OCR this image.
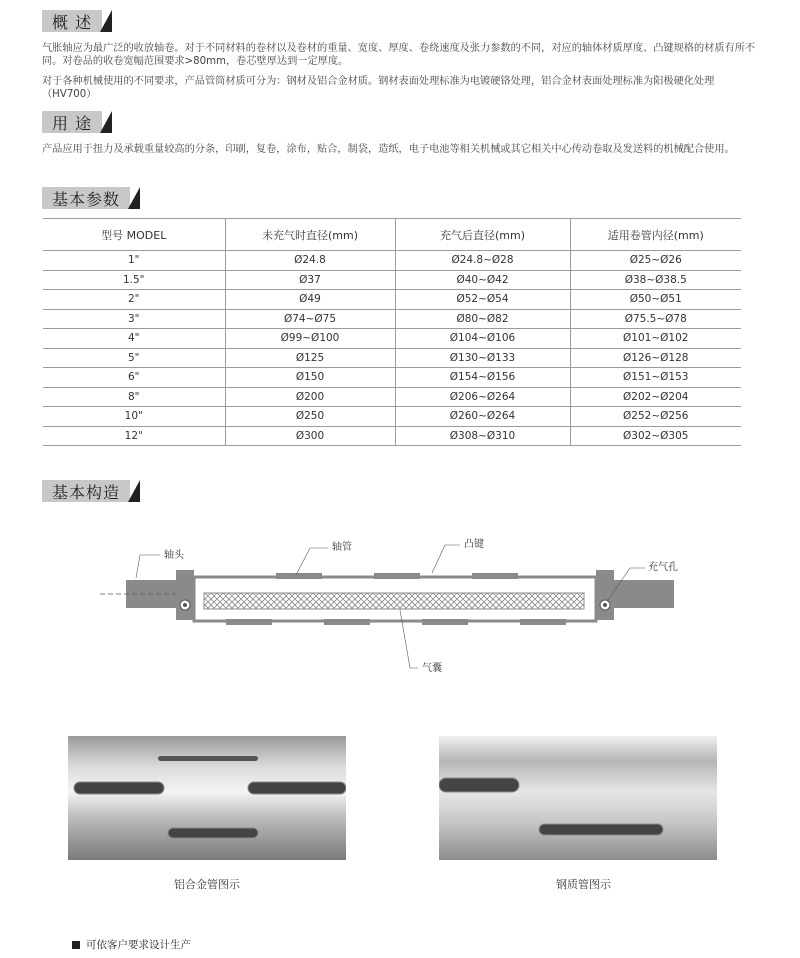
概 述
气胀轴应为最广泛的收放轴卷。对于不同材料的卷材以及卷材的重量、宽度、厚度、卷绕速度及张力参数的不同，对应的轴体材质厚度、凸键规格的材质有所不同。对卷品的收卷宽幅范围要求>80mm，卷芯壁厚达到一定厚度。
对于各种机械使用的不同要求，产品管筒材质可分为：钢材及铝合金材质。钢材表面处理标准为电镀硬铬处理，铝合金材表面处理标准为阳极硬化处理（HV700）
用 途
产品应用于扭力及承载重量较高的分条，印刷，复卷，涂布，贴合，制袋，造纸，电子电池等相关机械或其它相关中心传动卷取及发送料的机械配合使用。
基本参数
型号 MODEL	未充气时直径(mm)	充气后直径(mm)	适用卷管内径(mm)
1"	Ø24.8	Ø24.8~Ø28	Ø25~Ø26
1.5"	Ø37	Ø40~Ø42	Ø38~Ø38.5
2"	Ø49	Ø52~Ø54	Ø50~Ø51
3"	Ø74~Ø75	Ø80~Ø82	Ø75.5~Ø78
4"	Ø99~Ø100	Ø104~Ø106	Ø101~Ø102
5"	Ø125	Ø130~Ø133	Ø126~Ø128
6"	Ø150	Ø154~Ø156	Ø151~Ø153
8"	Ø200	Ø206~Ø264	Ø202~Ø204
10"	Ø250	Ø260~Ø264	Ø252~Ø256
12"	Ø300	Ø308~Ø310	Ø302~Ø305
基本构造
轴头
轴管	凸键
充气孔
气囊
铝合金管图示	钢质管图示
可依客户要求设计生产
